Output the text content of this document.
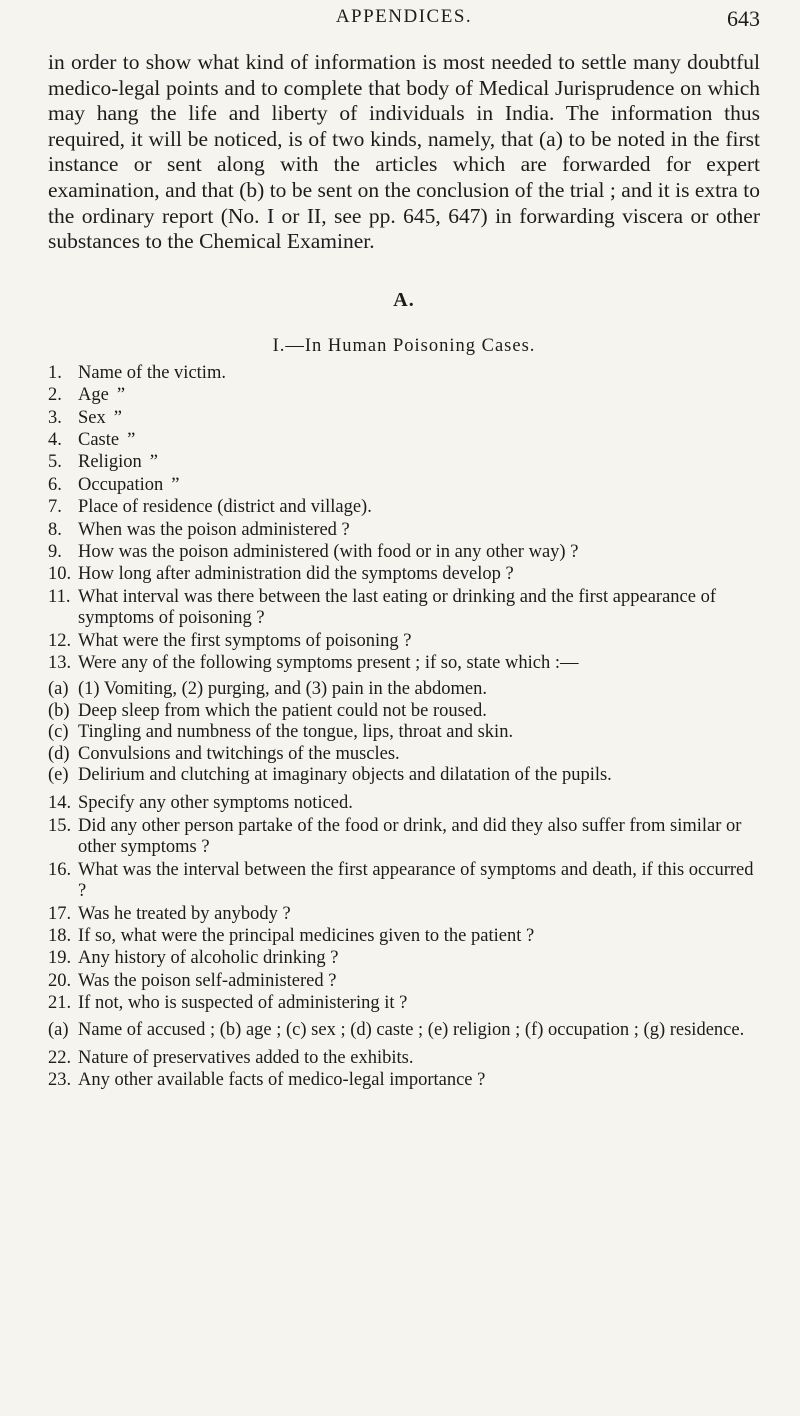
APPENDICES.	643

in order to show what kind of information is most needed to settle many doubtful medico-legal points and to complete that body of Medical Jurisprudence on which may hang the life and liberty of individuals in India. The information thus required, it will be noticed, is of two kinds, namely, that (a) to be noted in the first instance or sent along with the articles which are forwarded for expert examination, and that (b) to be sent on the conclusion of the trial ; and it is extra to the ordinary report (No. I or II, see pp. 645, 647) in forwarding viscera or other substances to the Chemical Examiner.

A.
I.—In Human Poisoning Cases.
1. Name of the victim.
2. Age ”
3. Sex ”
4. Caste ”
5. Religion ”
6. Occupation ”
7. Place of residence (district and village).
8. When was the poison administered ?
9. How was the poison administered (with food or in any other way) ?
10. How long after administration did the symptoms develop ?
11. What interval was there between the last eating or drinking and the first appearance of symptoms of poisoning ?
12. What were the first symptoms of poisoning ?
13. Were any of the following symptoms present ; if so, state which :—
(a) (1) Vomiting, (2) purging, and (3) pain in the abdomen.
(b) Deep sleep from which the patient could not be roused.
(c) Tingling and numbness of the tongue, lips, throat and skin.
(d) Convulsions and twitchings of the muscles.
(e) Delirium and clutching at imaginary objects and dilatation of the pupils.
14. Specify any other symptoms noticed.
15. Did any other person partake of the food or drink, and did they also suffer from similar or other symptoms ?
16. What was the interval between the first appearance of symptoms and death, if this occurred ?
17. Was he treated by anybody ?
18. If so, what were the principal medicines given to the patient ?
19. Any history of alcoholic drinking ?
20. Was the poison self-administered ?
21. If not, who is suspected of administering it ?
(a) Name of accused ; (b) age ; (c) sex ; (d) caste ; (e) religion ; (f) occupation ; (g) residence.
22. Nature of preservatives added to the exhibits.
23. Any other available facts of medico-legal importance ?
